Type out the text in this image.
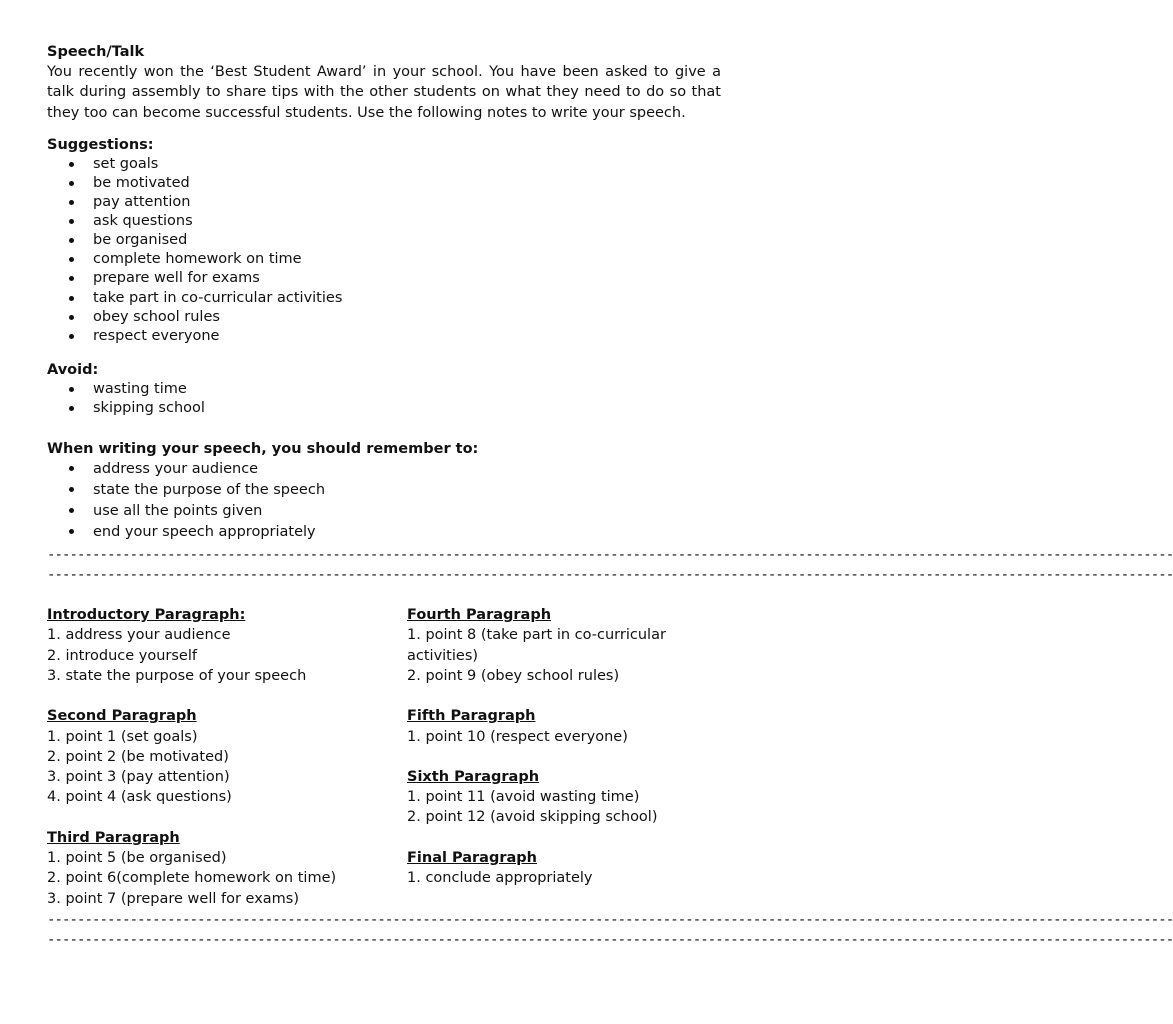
Speech/Talk

You recently won the ‘Best Student Award’ in your school. You have been asked to give a talk during assembly to share tips with the other students on what they need to do so that they too can become successful students. Use the following notes to write your speech.

Suggestions:
set goals
be motivated
pay attention
ask questions
be organised
complete homework on time
prepare well for exams
take part in co-curricular activities
obey school rules
respect everyone
Avoid:
wasting time
skipping school
When writing your speech, you should remember to:
address your audience
state the purpose of the speech
use all the points given
end your speech appropriately
------------------------------------------------------------------------------------------------------------------------------------------------------
------------------------------------------------------------------------------------------------------------------------------------------------------
Introductory Paragraph:
1. address your audience
2. introduce yourself
3. state the purpose of your speech
Second Paragraph
1. point 1 (set goals)
2. point 2 (be motivated)
3. point 3 (pay attention)
4. point 4 (ask questions)
Third Paragraph
1. point 5 (be organised)
2. point 6(complete homework on time)
3. point 7 (prepare well for exams)
Fourth Paragraph
1. point 8 (take part in co-curricular
activities)
2. point 9 (obey school rules)
Fifth Paragraph
1. point 10 (respect everyone)
Sixth Paragraph
1. point 11 (avoid wasting time)
2. point 12 (avoid skipping school)
Final Paragraph
1. conclude appropriately
------------------------------------------------------------------------------------------------------------------------------------------------------
------------------------------------------------------------------------------------------------------------------------------------------------------
